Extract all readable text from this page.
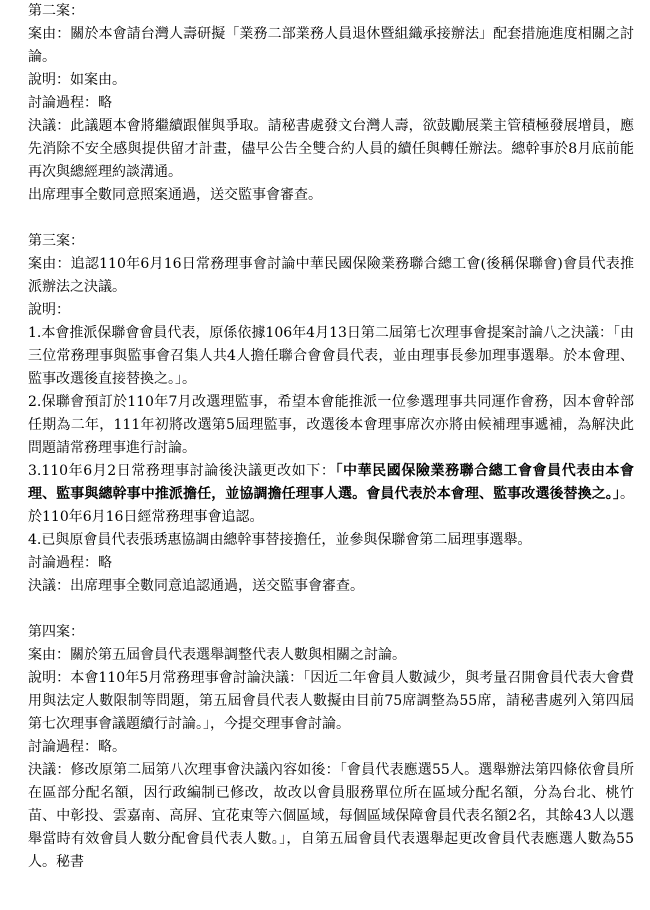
第二案：

案由：關於本會請台灣人壽研擬「業務二部業務人員退休暨組織承接辦法」配套措施進度相關之討論。

說明：如案由。

討論過程：略

決議：此議題本會將繼續跟催與爭取。請秘書處發文台灣人壽，欲鼓勵展業主管積極發展增員，應先消除不安全感與提供留才計畫，儘早公告全雙合約人員的續任與轉任辦法。總幹事於8月底前能再次與總經理約談溝通。

出席理事全數同意照案通過，送交監事會審查。

第三案：

案由：追認110年6月16日常務理事會討論中華民國保險業務聯合總工會(後稱保聯會)會員代表推派辦法之決議。

說明：

1.本會推派保聯會會員代表，原係依據106年4月13日第二屆第七次理事會提案討論八之決議：「由三位常務理事與監事會召集人共4人擔任聯合會會員代表，並由理事長參加理事選舉。於本會理、監事改選後直接替換之。」。

2.保聯會預訂於110年7月改選理監事，希望本會能推派一位參選理事共同運作會務，因本會幹部任期為二年，111年初將改選第5屆理監事，改選後本會理事席次亦將由候補理事遞補，為解決此問題請常務理事進行討論。

3.110年6月2日常務理事討論後決議更改如下：「中華民國保險業務聯合總工會會員代表由本會理、監事與總幹事中推派擔任，並協調擔任理事人選。會員代表於本會理、監事改選後替換之。」。於110年6月16日經常務理事會追認。

4.已與原會員代表張琇惠協調由總幹事替接擔任，並參與保聯會第二屆理事選舉。

討論過程：略

決議：出席理事全數同意追認通過，送交監事會審查。

第四案：

案由：關於第五屆會員代表選舉調整代表人數與相關之討論。

說明：本會110年5月常務理事會討論決議：「因近二年會員人數減少，與考量召開會員代表大會費用與法定人數限制等問題，第五屆會員代表人數擬由目前75席調整為55席，請秘書處列入第四屆第七次理事會議題續行討論。」，今提交理事會討論。

討論過程：略。

決議：修改原第二屆第八次理事會決議內容如後：「會員代表應選55人。選舉辦法第四條依會員所在區部分配名額，因行政編制已修改，故改以會員服務單位所在區域分配名額，分為台北、桃竹苗、中彰投、雲嘉南、高屏、宜花東等六個區域，每個區域保障會員代表名額2名，其餘43人以選舉當時有效會員人數分配會員代表人數。」，自第五屆會員代表選舉起更改會員代表應選人數為55人。秘書
